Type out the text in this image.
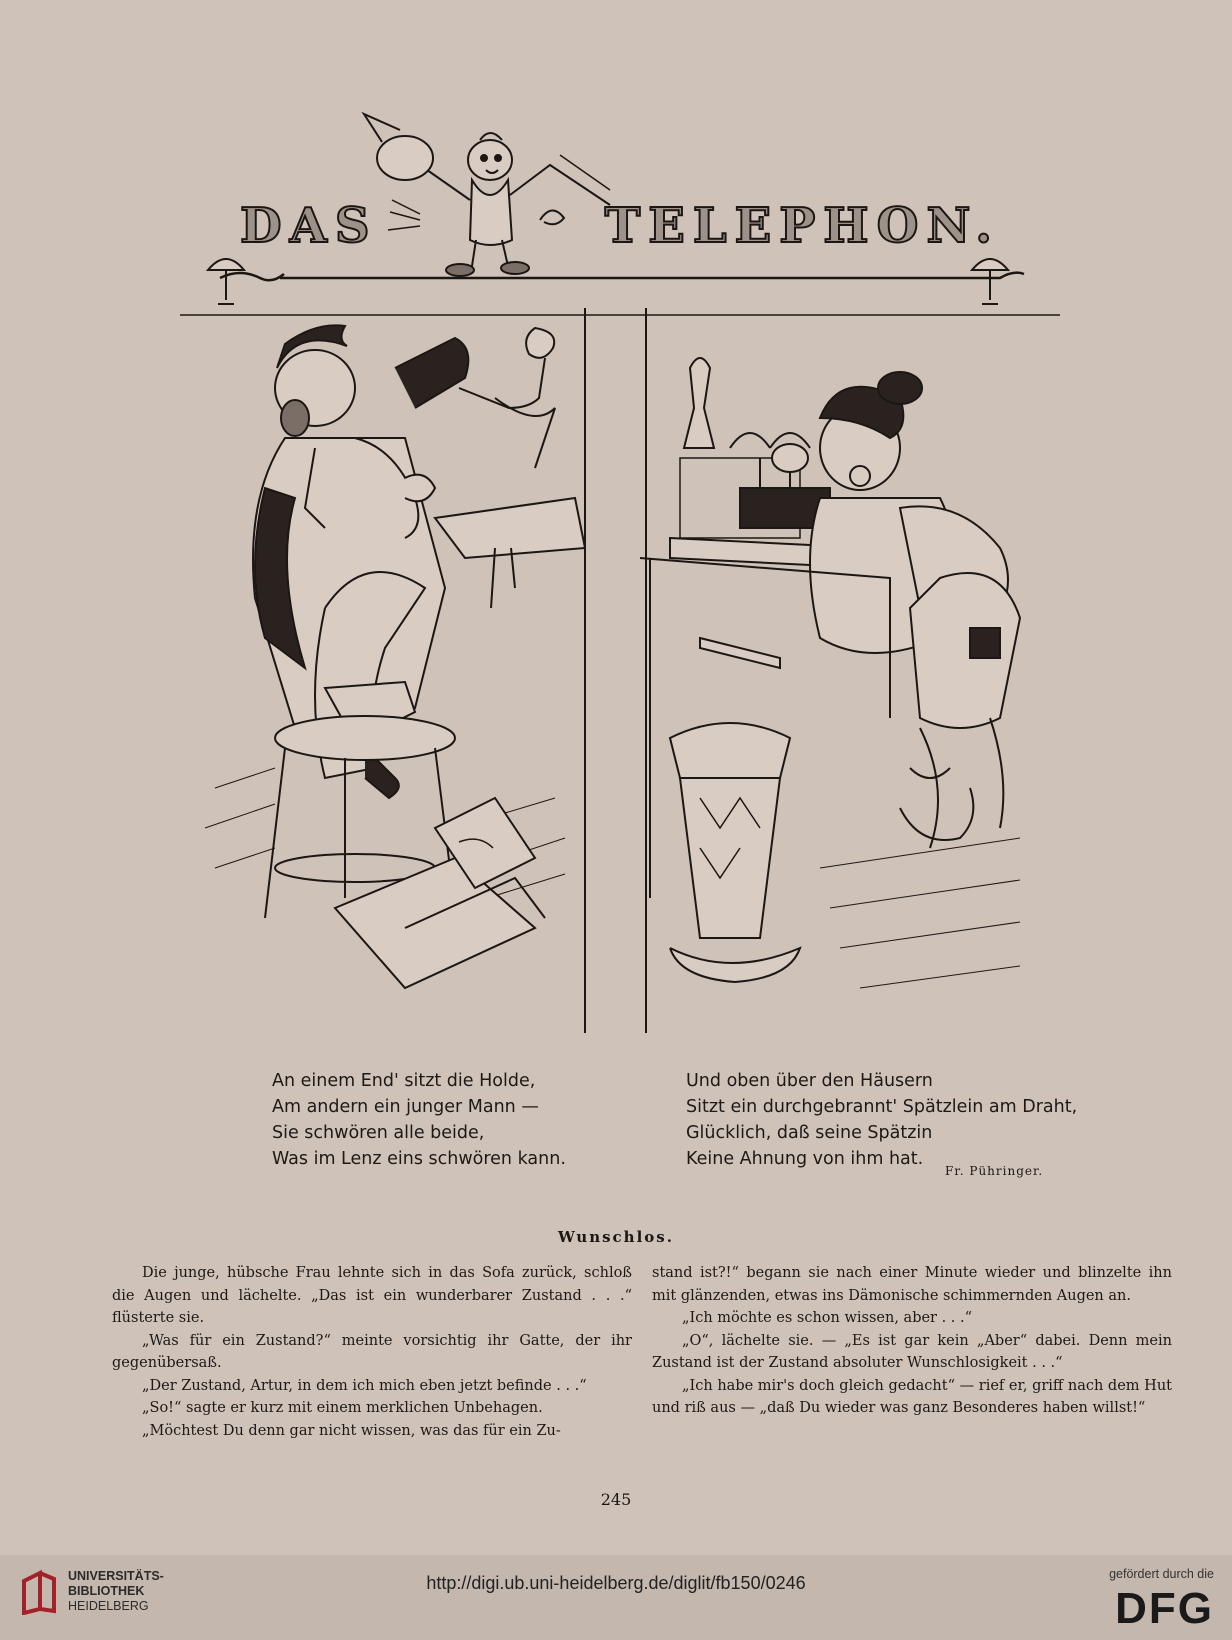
DAS	TELEPHON.
An einem End' sitzt die Holde,
Am andern ein junger Mann —
Sie schwören alle beide,
Was im Lenz eins schwören kann.
Und oben über den Häusern
Sitzt ein durchgebrannt' Spätzlein am Draht,
Glücklich, daß seine Spätzin
Keine Ahnung von ihm hat.
Fr. Pühringer.
Wunschlos.

Die junge, hübsche Frau lehnte sich in das Sofa zurück, schloß die Augen und lächelte. „Das ist ein wunderbarer Zustand . . .“ flüsterte sie.

„Was für ein Zustand?“ meinte vorsichtig ihr Gatte, der ihr gegenübersaß.

„Der Zustand, Artur, in dem ich mich eben jetzt befinde . . .“

„So!“ sagte er kurz mit einem merklichen Unbehagen.

„Möchtest Du denn gar nicht wissen, was das für ein Zu-

stand ist?!“ begann sie nach einer Minute wieder und blinzelte ihn mit glänzenden, etwas ins Dämonische schimmernden Augen an.

„Ich möchte es schon wissen, aber . . .“

„O“, lächelte sie. — „Es ist gar kein „Aber“ dabei. Denn mein Zustand ist der Zustand absoluter Wunschlosigkeit . . .“

„Ich habe mir's doch gleich gedacht“ — rief er, griff nach dem Hut und riß aus — „daß Du wieder was ganz Besonderes haben willst!“

245
UNIVERSITÄTS-
BIBLIOTHEK
HEIDELBERG
http://digi.ub.uni-heidelberg.de/diglit/fb150/0246	gefördert durch die
DFG
